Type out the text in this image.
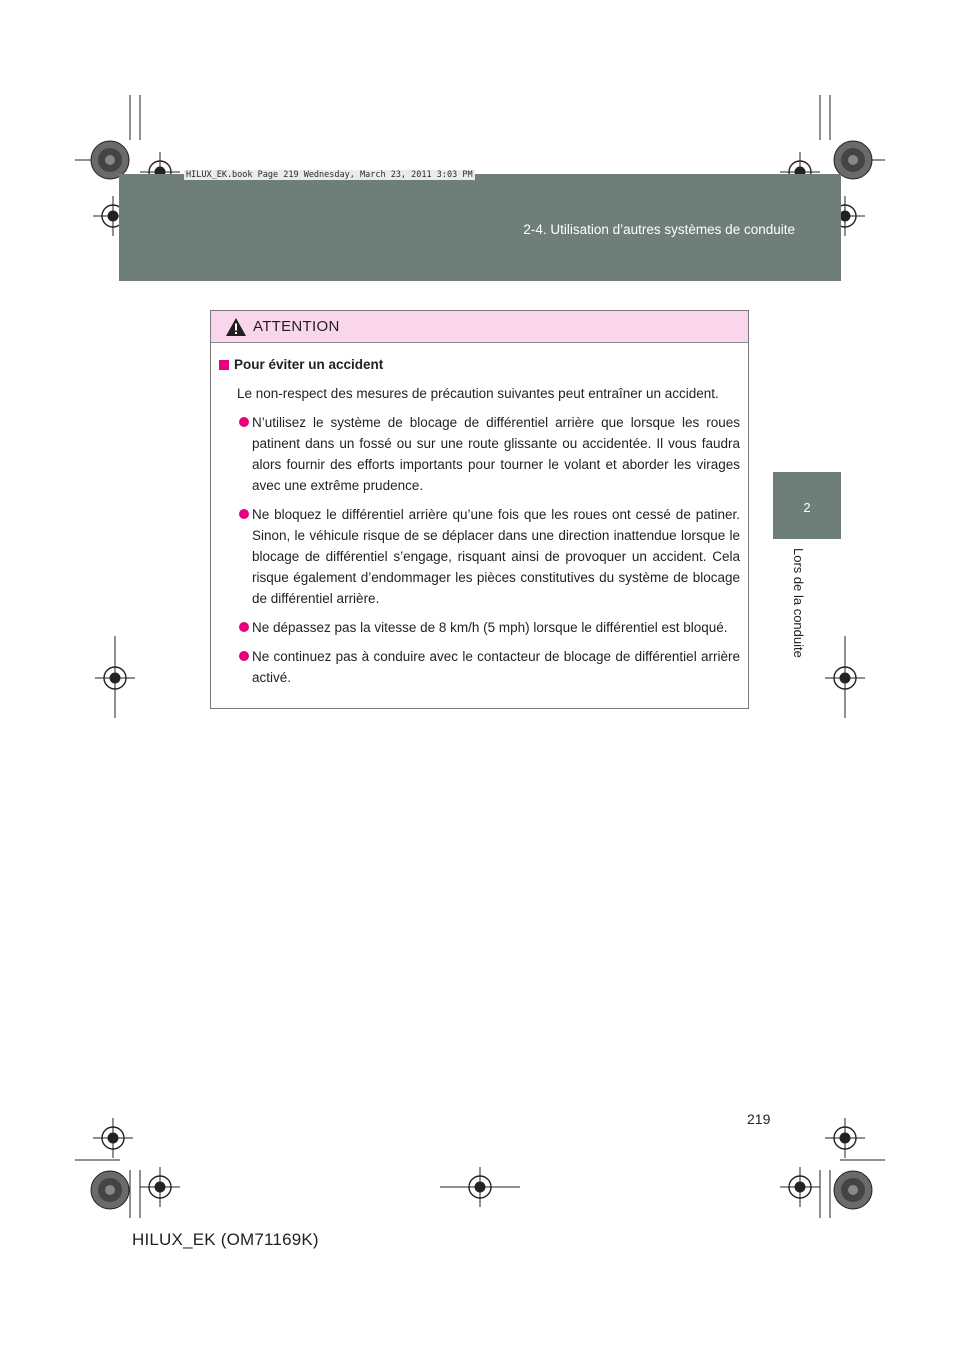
HILUX_EK.book Page 219 Wednesday, March 23, 2011 3:03 PM
2-4. Utilisation d’autres systèmes de conduite
2
Lors de la conduite
ATTENTION
Pour éviter un accident
Le non-respect des mesures de précaution suivantes peut entraîner un accident.
N’utilisez le système de blocage de différentiel arrière que lorsque les roues patinent dans un fossé ou sur une route glissante ou accidentée. Il vous faudra alors fournir des efforts importants pour tourner le volant et aborder les virages avec une extrême prudence.
Ne bloquez le différentiel arrière qu’une fois que les roues ont cessé de patiner. Sinon, le véhicule risque de se déplacer dans une direction inattendue lorsque le blocage de différentiel s’engage, risquant ainsi de provoquer un accident. Cela risque également d’endommager les pièces constitutives du système de blocage de différentiel arrière.
Ne dépassez pas la vitesse de 8 km/h (5 mph) lorsque le différentiel est bloqué.
Ne continuez pas à conduire avec le contacteur de blocage de différentiel arrière activé.
219
HILUX_EK (OM71169K)
